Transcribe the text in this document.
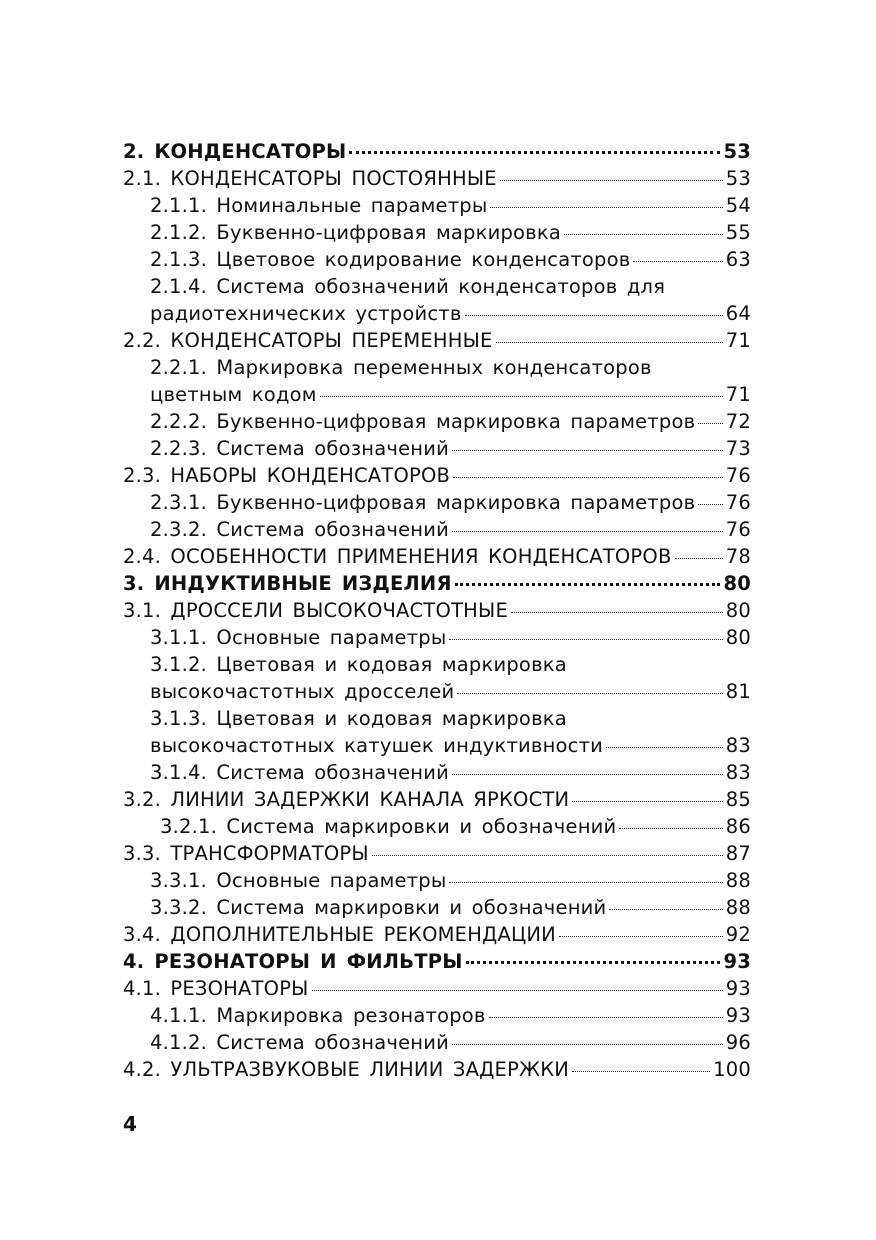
2. КОНДЕНСАТОРЫ	53
2.1. КОНДЕНСАТОРЫ ПОСТОЯННЫЕ	53
2.1.1. Номинальные параметры	54
2.1.2. Буквенно-цифровая маркировка	55
2.1.3. Цветовое кодирование конденсаторов	63
2.1.4. Система обозначений конденсаторов для
радиотехнических устройств	64
2.2. КОНДЕНСАТОРЫ ПЕРЕМЕННЫЕ	71
2.2.1. Маркировка переменных конденсаторов
цветным кодом	71
2.2.2. Буквенно-цифровая маркировка параметров 72
2.2.3. Система обозначений	73
2.3. НАБОРЫ КОНДЕНСАТОРОВ	76
2.3.1. Буквенно-цифровая маркировка параметров 76
2.3.2. Система обозначений	76
2.4. ОСОБЕННОСТИ ПРИМЕНЕНИЯ КОНДЕНСАТОРОВ	78
3. ИНДУКТИВНЫЕ ИЗДЕЛИЯ	80
3.1. ДРОССЕЛИ ВЫСОКОЧАСТОТНЫЕ	80
3.1.1. Основные параметры	80
3.1.2. Цветовая и кодовая маркировка
высокочастотных дросселей	81
3.1.3. Цветовая и кодовая маркировка
высокочастотных катушек индуктивности	83
3.1.4. Система обозначений	83
3.2. ЛИНИИ ЗАДЕРЖКИ КАНАЛА ЯРКОСТИ	85
3.2.1. Система маркировки и обозначений	86
3.3. ТРАНСФОРМАТОРЫ	87
3.3.1. Основные параметры	88
3.3.2. Система маркировки и обозначений	88
3.4. ДОПОЛНИТЕЛЬНЫЕ РЕКОМЕНДАЦИИ	92
4. РЕЗОНАТОРЫ И ФИЛЬТРЫ	93
4.1. РЕЗОНАТОРЫ	93
4.1.1. Маркировка резонаторов	93
4.1.2. Система обозначений	96
4.2. УЛЬТРАЗВУКОВЫЕ ЛИНИИ ЗАДЕРЖКИ	100
4
